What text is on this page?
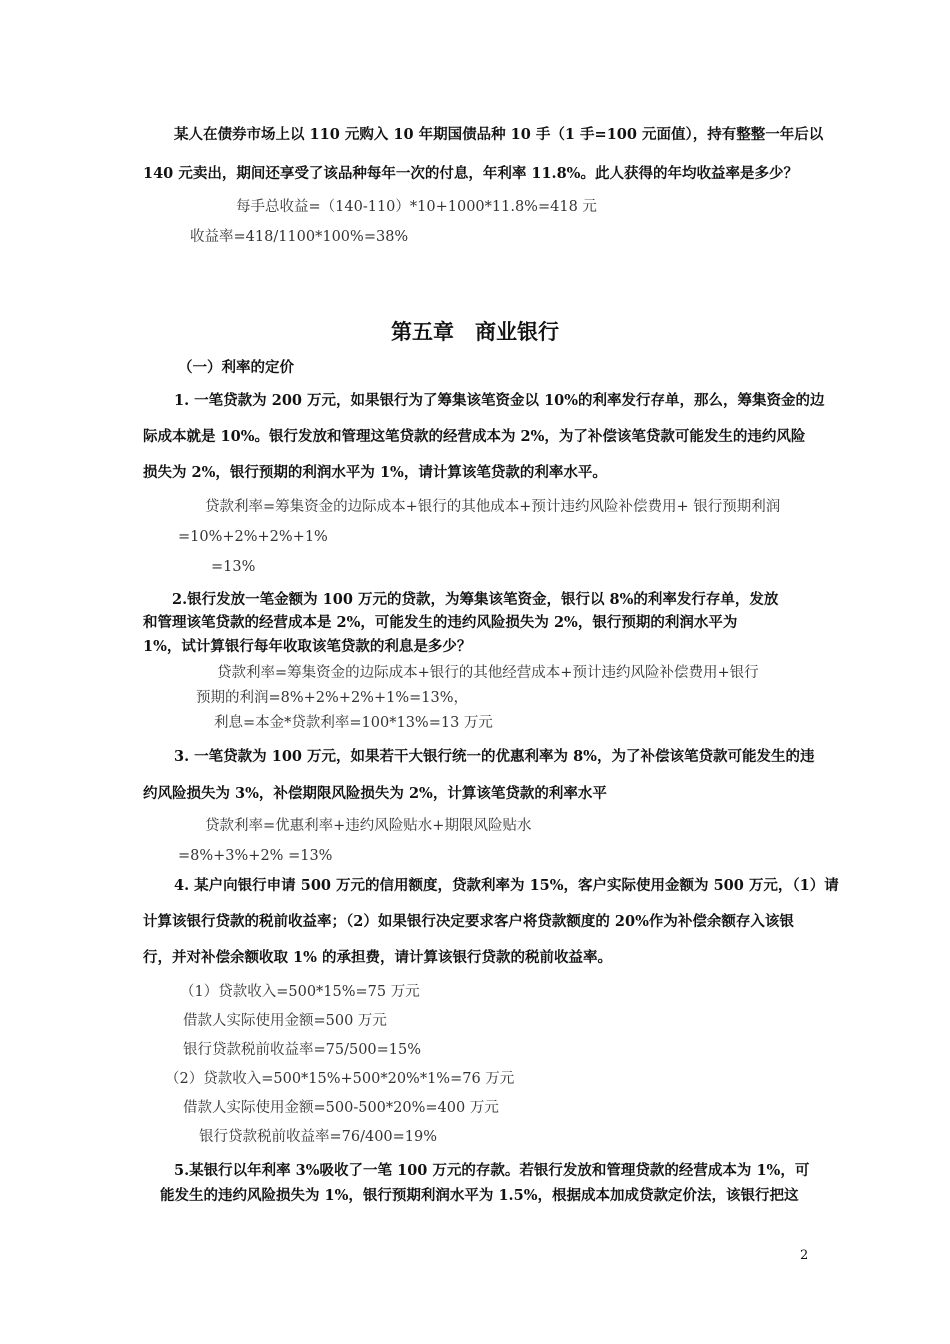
某人在债券市场上以 110 元购入 10 年期国债品种 10 手（1 手=100 元面值），持有整整一年后以
140 元卖出，期间还享受了该品种每年一次的付息，年利率 11.8%。此人获得的年均收益率是多少？
每手总收益=（140-110）*10+1000*11.8%=418 元
收益率=418/1100*100%=38%
第五章　商业银行
（一）利率的定价
1. 一笔贷款为 200 万元，如果银行为了筹集该笔资金以 10%的利率发行存单，那么，筹集资金的边
际成本就是 10%。银行发放和管理这笔贷款的经营成本为 2%，为了补偿该笔贷款可能发生的违约风险
损失为 2%，银行预期的利润水平为 1%，请计算该笔贷款的利率水平。
贷款利率=筹集资金的边际成本+银行的其他成本+预计违约风险补偿费用+ 银行预期利润
=10%+2%+2%+1%
=13%
2.银行发放一笔金额为 100 万元的贷款，为筹集该笔资金，银行以 8%的利率发行存单，发放
和管理该笔贷款的经营成本是 2%，可能发生的违约风险损失为 2%，银行预期的利润水平为
1%，试计算银行每年收取该笔贷款的利息是多少？
贷款利率=筹集资金的边际成本+银行的其他经营成本+预计违约风险补偿费用+银行
预期的利润=8%+2%+2%+1%=13%，
利息=本金*贷款利率=100*13%=13 万元
3. 一笔贷款为 100 万元，如果若干大银行统一的优惠利率为 8%，为了补偿该笔贷款可能发生的违
约风险损失为 3%，补偿期限风险损失为 2%，计算该笔贷款的利率水平
贷款利率=优惠利率+违约风险贴水+期限风险贴水
=8%+3%+2% =13%
4. 某户向银行申请 500 万元的信用额度，贷款利率为 15%，客户实际使用金额为 500 万元，（1）请
计算该银行贷款的税前收益率；（2）如果银行决定要求客户将贷款额度的 20%作为补偿余额存入该银
行，并对补偿余额收取 1% 的承担费，请计算该银行贷款的税前收益率。
（1）贷款收入=500*15%=75 万元
借款人实际使用金额=500 万元
银行贷款税前收益率=75/500=15%
（2）贷款收入=500*15%+500*20%*1%=76 万元
借款人实际使用金额=500-500*20%=400 万元
银行贷款税前收益率=76/400=19%
5.某银行以年利率 3%吸收了一笔 100 万元的存款。若银行发放和管理贷款的经营成本为 1%，可
能发生的违约风险损失为 1%，银行预期利润水平为 1.5%，根据成本加成贷款定价法，该银行把这
2
